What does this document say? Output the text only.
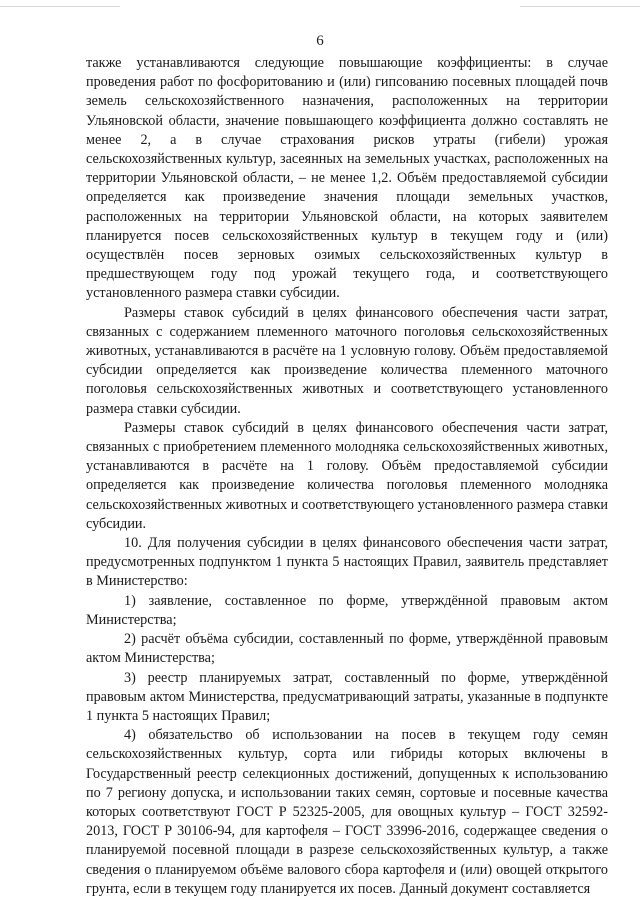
6

также устанавливаются следующие повышающие коэффициенты: в случае проведения работ по фосфоритованию и (или) гипсованию посевных площадей почв земель сельскохозяйственного назначения, расположенных на территории Ульяновской области, значение повышающего коэффициента должно составлять не менее 2, а в случае страхования рисков утраты (гибели) урожая сельскохозяйственных культур, засеянных на земельных участках, расположенных на территории Ульяновской области, – не менее 1,2. Объём предоставляемой субсидии определяется как произведение значения площади земельных участков, расположенных на территории Ульяновской области, на которых заявителем планируется посев сельскохозяйственных культур в текущем году и (или) осуществлён посев зерновых озимых сельскохозяйственных культур в предшествующем году под урожай текущего года, и соответствующего установленного размера ставки субсидии.

Размеры ставок субсидий в целях финансового обеспечения части затрат, связанных с содержанием племенного маточного поголовья сельскохозяйственных животных, устанавливаются в расчёте на 1 условную голову. Объём предоставляемой субсидии определяется как произведение количества племенного маточного поголовья сельскохозяйственных животных и соответствующего установленного размера ставки субсидии.

Размеры ставок субсидий в целях финансового обеспечения части затрат, связанных с приобретением племенного молодняка сельскохозяйственных животных, устанавливаются в расчёте на 1 голову. Объём предоставляемой субсидии определяется как произведение количества поголовья племенного молодняка сельскохозяйственных животных и соответствующего установленного размера ставки субсидии.

10. Для получения субсидии в целях финансового обеспечения части затрат, предусмотренных подпунктом 1 пункта 5 настоящих Правил, заявитель представляет в Министерство:

1) заявление, составленное по форме, утверждённой правовым актом Министерства;

2) расчёт объёма субсидии, составленный по форме, утверждённой правовым актом Министерства;

3) реестр планируемых затрат, составленный по форме, утверждённой правовым актом Министерства, предусматривающий затраты, указанные в подпункте 1 пункта 5 настоящих Правил;

4) обязательство об использовании на посев в текущем году семян сельскохозяйственных культур, сорта или гибриды которых включены в Государственный реестр селекционных достижений, допущенных к использованию по 7 региону допуска, и использовании таких семян, сортовые и посевные качества которых соответствуют ГОСТ Р 52325-2005, для овощных культур – ГОСТ 32592-2013, ГОСТ Р 30106-94, для картофеля – ГОСТ 33996-2016, содержащее сведения о планируемой посевной площади в разрезе сельскохозяйственных культур, а также сведения о планируемом объёме валового сбора картофеля и (или) овощей открытого грунта, если в текущем году планируется их посев. Данный документ составляется
